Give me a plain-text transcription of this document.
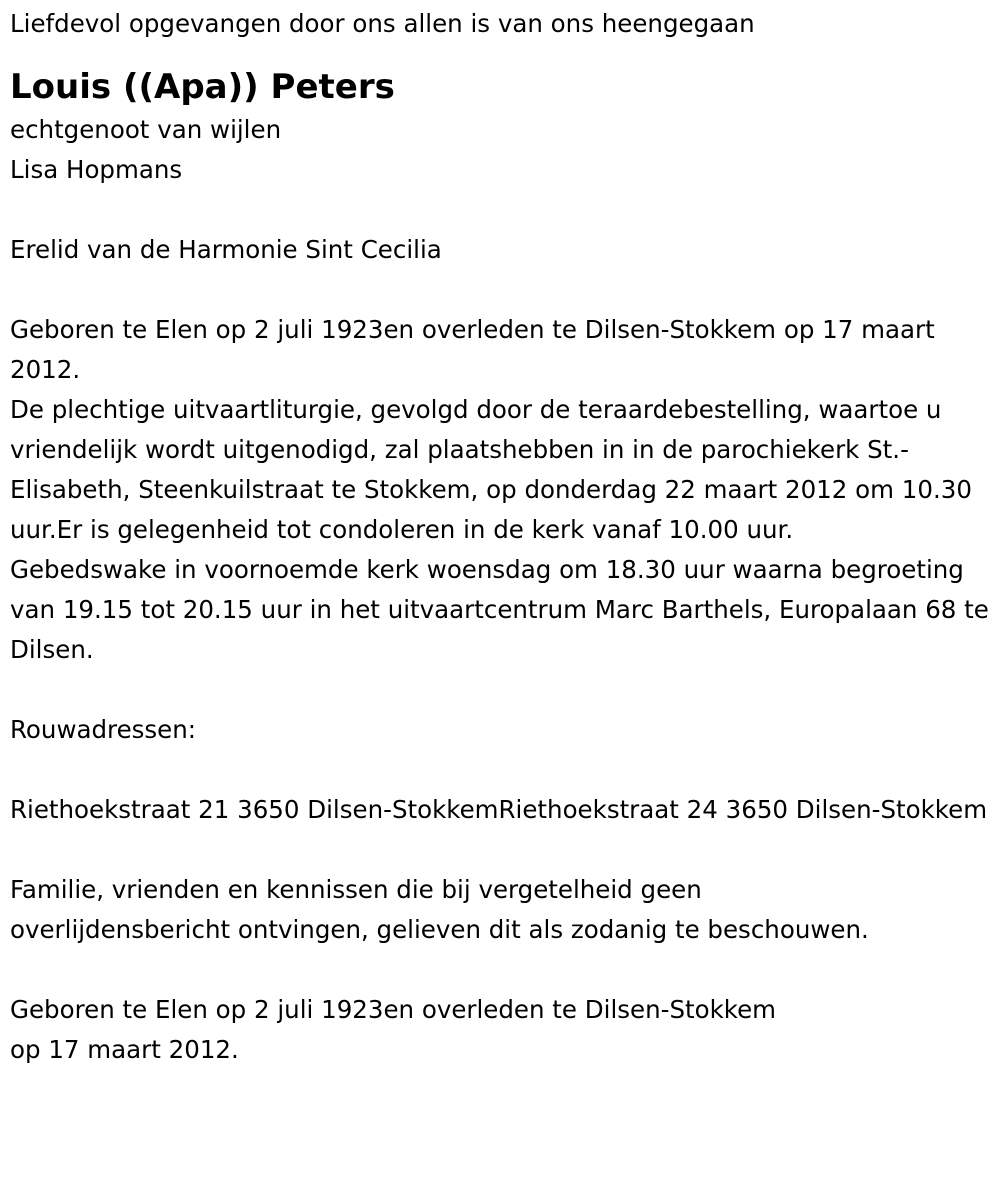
Liefdevol opgevangen door ons allen is van ons heengegaan

Louis ((Apa)) Peters

echtgenoot van wijlen
Lisa Hopmans

Erelid van de Harmonie Sint Cecilia

Geboren te Elen op 2 juli 1923en overleden te Dilsen-Stokkem op 17 maart 2012.

De plechtige uitvaartliturgie, gevolgd door de teraardebestelling, waartoe u vriendelijk wordt uitgenodigd, zal plaatshebben in in de parochiekerk St.-Elisabeth, Steenkuilstraat te Stokkem, op donderdag 22 maart 2012 om 10.30 uur.Er is gelegenheid tot condoleren in de kerk vanaf 10.00 uur.

Gebedswake in voornoemde kerk woensdag om 18.30 uur waarna begroeting van 19.15 tot 20.15 uur in het uitvaartcentrum Marc Barthels, Europalaan 68 te Dilsen.

Rouwadressen:

Riethoekstraat 21 3650 Dilsen-StokkemRiethoekstraat 24 3650 Dilsen-Stokkem

Familie, vrienden en kennissen die bij vergetelheid geen
overlijdensbericht ontvingen, gelieven dit als zodanig te beschouwen.

Geboren te Elen op 2 juli 1923en overleden te Dilsen-Stokkem
op 17 maart 2012.
